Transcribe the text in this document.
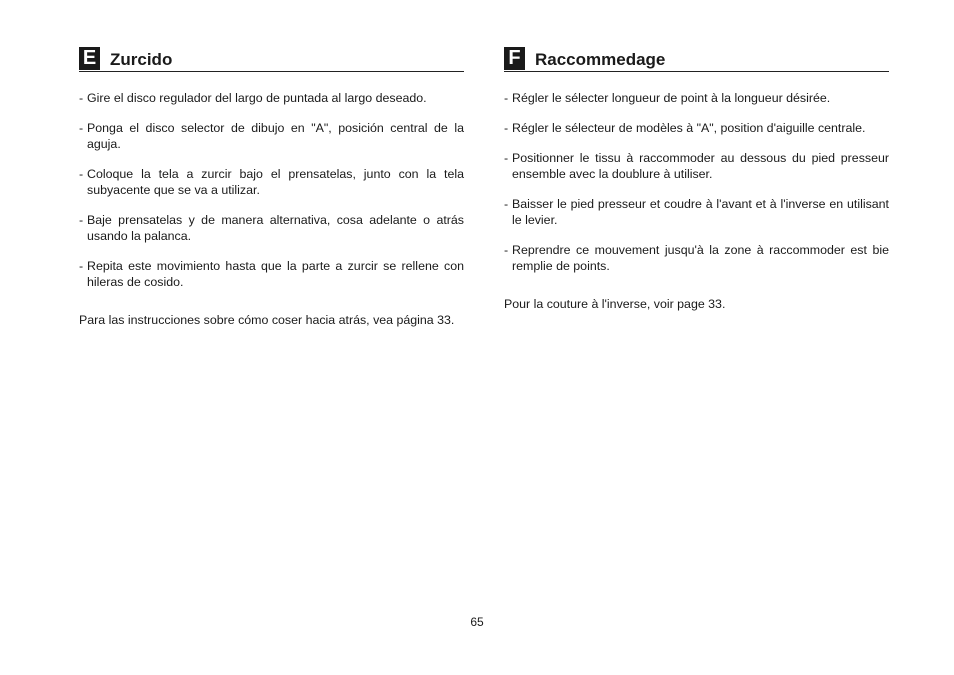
E Zurcido
- Gire el disco regulador del largo de puntada al largo deseado.
- Ponga el disco selector de dibujo en "A", posición central de la aguja.
- Coloque la tela a zurcir bajo el prensatelas, junto con la tela subyacente que se va a utilizar.
- Baje prensatelas y de manera alternativa, cosa adelante o atrás usando la palanca.
- Repita este movimiento hasta que la parte a zurcir se rellene con hileras de cosido.

Para las instrucciones sobre cómo coser hacia atrás, vea página 33.

F Raccommedage
- Régler le sélecter longueur de point à la longueur désirée.
- Régler le sélecteur de modèles à "A", position d'aiguille centrale.
- Positionner le tissu à raccommoder au dessous du pied presseur ensemble avec la doublure à utiliser.
- Baisser le pied presseur et coudre à l'avant et à l'inverse en utilisant le levier.
- Reprendre ce mouvement jusqu'à la zone à raccommoder est bie remplie de points.

Pour la couture à l'inverse, voir page 33.

65
